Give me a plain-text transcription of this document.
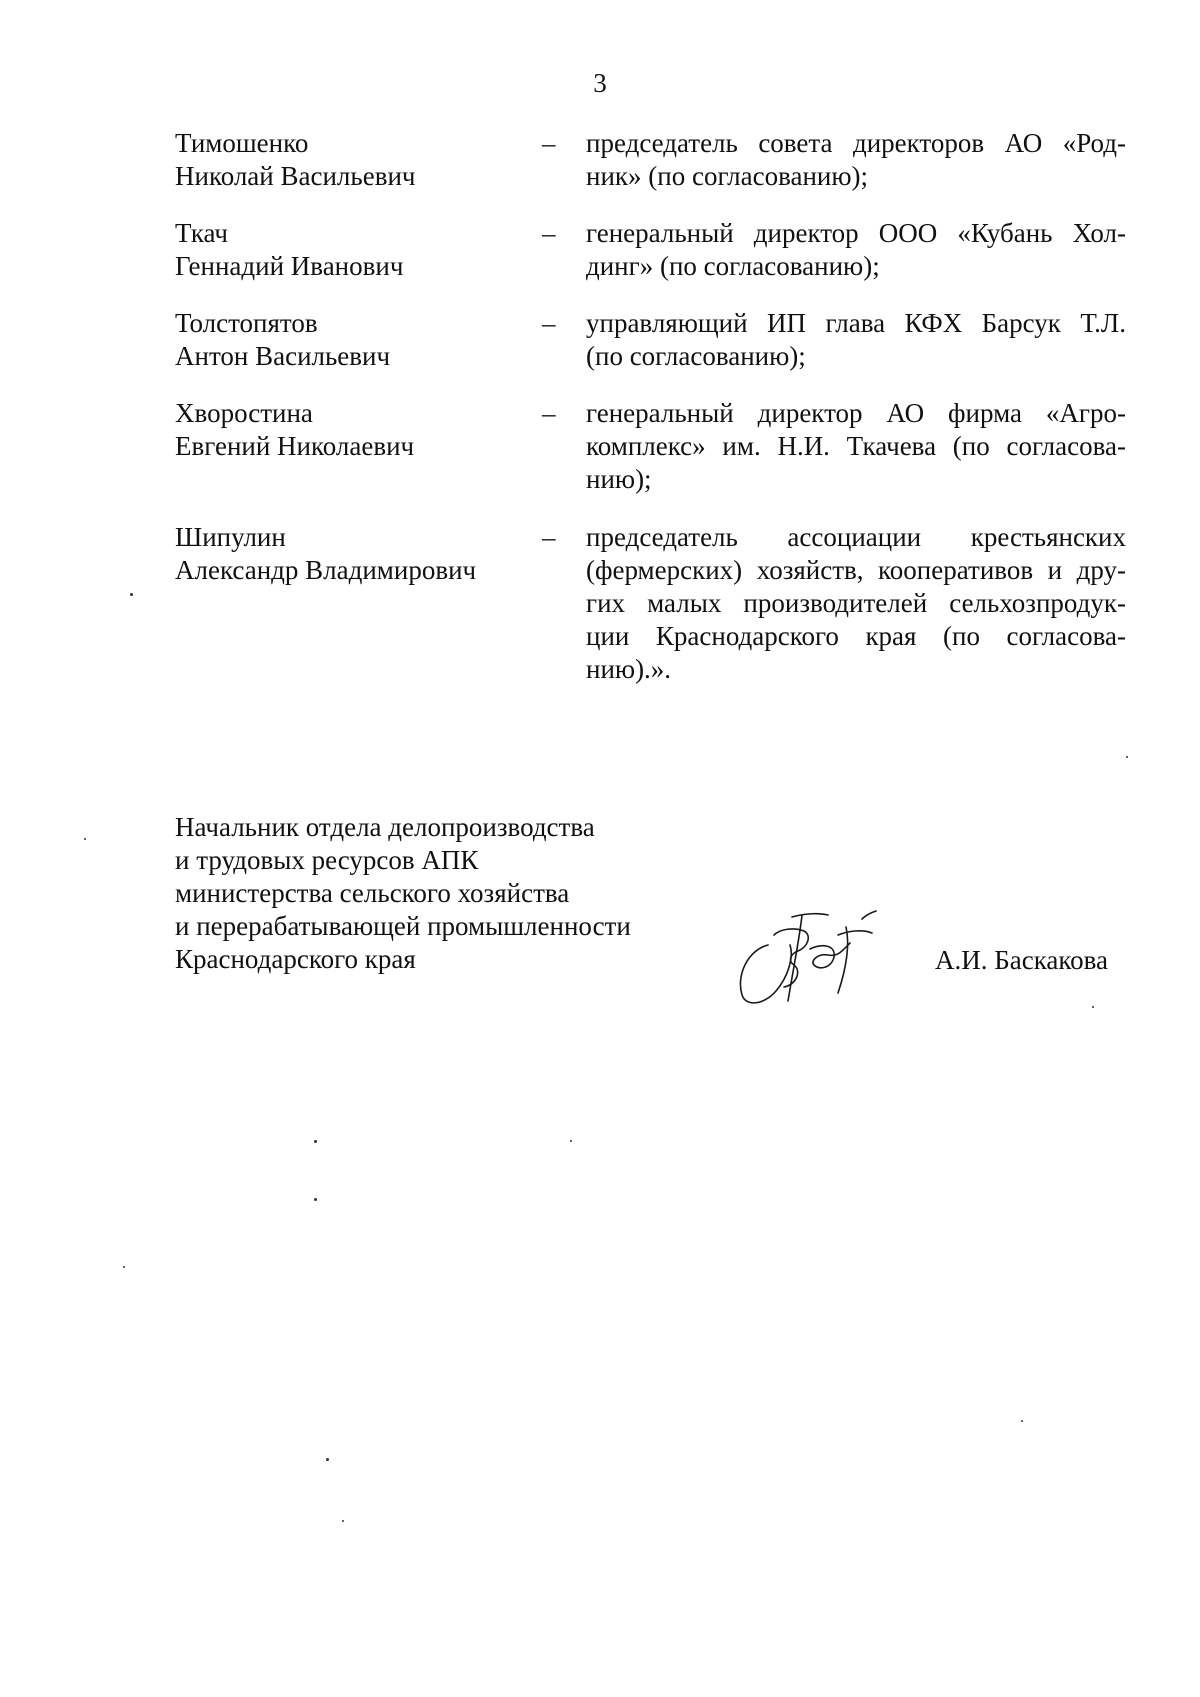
3
Тимошенко
Николай Васильевич
– председатель совета директоров АО «Род-
ник» (по согласованию);
Ткач
Геннадий Иванович
– генеральный директор ООО «Кубань Хол-
динг» (по согласованию);
Толстопятов
Антон Васильевич
– управляющий ИП глава КФХ Барсук Т.Л.
(по согласованию);
Хворостина
Евгений Николаевич
– генеральный директор АО фирма «Агро-
комплекс» им. Н.И. Ткачева (по согласова-
нию);
Шипулин
Александр Владимирович
– председатель ассоциации крестьянских
(фермерских) хозяйств, кооперативов и дру-
гих малых производителей сельхозпродук-
ции Краснодарского края (по согласова-
нию).».
Начальник отдела делопроизводства
и трудовых ресурсов АПК
министерства сельского хозяйства
и перерабатывающей промышленности
Краснодарского края	А.И. Баскакова
